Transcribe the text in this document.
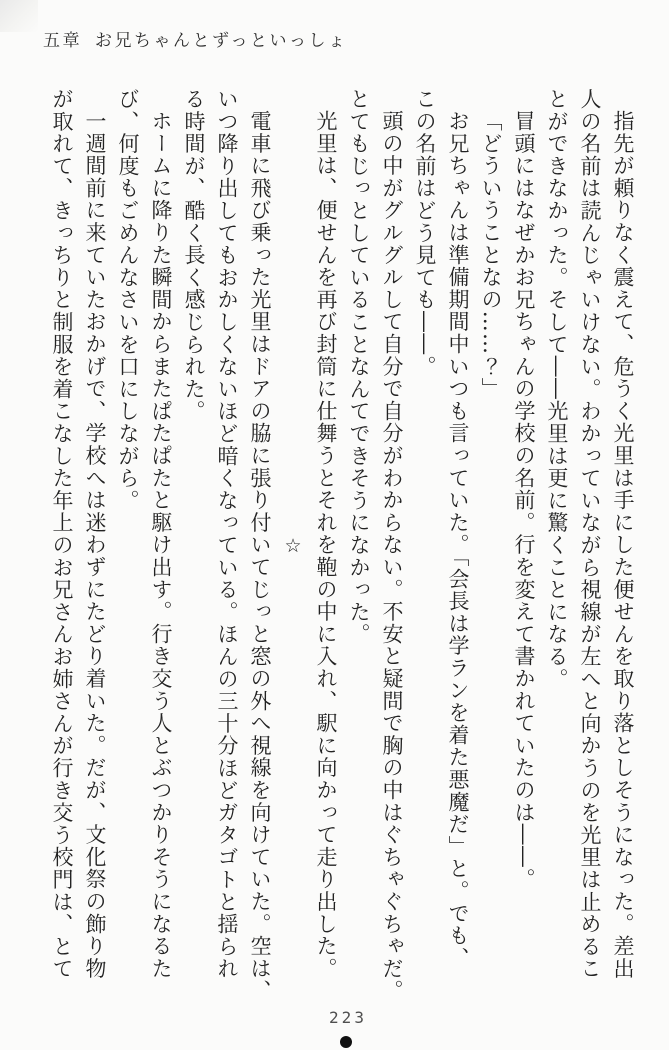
五章 お兄ちゃんとずっといっしょ

指先が頼りなく震えて、危うく光里は手にした便せんを取り落としそうになった。差出

人の名前は読んじゃいけない。わかっていながら視線が左へと向かうのを光里は止めるこ

とができなかった。そして――光里は更に驚くことになる。

冒頭にはなぜかお兄ちゃんの学校の名前。行を変えて書かれていたのは――。

「どういうことなの……？」

お兄ちゃんは準備期間中いつも言っていた。「会長は学ランを着た悪魔だ」と。でも、

この名前はどう見ても――。

頭の中がグルグルして自分で自分がわからない。不安と疑問で胸の中はぐちゃぐちゃだ。

とてもじっとしていることなんてできそうになかった。

光里は、便せんを再び封筒に仕舞うとそれを鞄の中に入れ、駅に向かって走り出した。

☆

電車に飛び乗った光里はドアの脇に張り付いてじっと窓の外へ視線を向けていた。空は、

いつ降り出してもおかしくないほど暗くなっている。ほんの三十分ほどガタゴトと揺られ

る時間が、酷く長く感じられた。

ホームに降りた瞬間からまたぱたぱたと駆け出す。行き交う人とぶつかりそうになるた

び、何度もごめんなさいを口にしながら。

一週間前に来ていたおかげで、学校へは迷わずにたどり着いた。だが、文化祭の飾り物

が取れて、きっちりと制服を着こなした年上のお兄さんお姉さんが行き交う校門は、とて

223
